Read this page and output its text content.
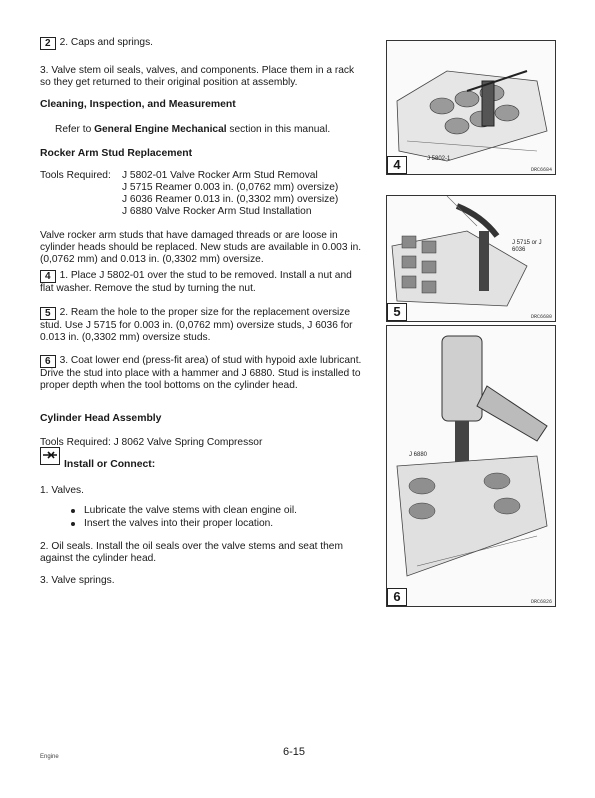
2 2. Caps and springs.

3. Valve stem oil seals, valves, and components. Place them in a rack so they get returned to their original position at assembly.

Cleaning, Inspection, and Measurement

Refer to General Engine Mechanical section in this manual.

Rocker Arm Stud Replacement

Tools Required: J 5802-01 Valve Rocker Arm Stud Removal
J 5715 Reamer 0.003 in. (0,0762 mm) oversize)
J 6036 Reamer 0.013 in. (0,3302 mm) oversize)
J 6880 Valve Rocker Arm Stud Installation

Valve rocker arm studs that have damaged threads or are loose in cylinder heads should be replaced. New studs are available in 0.003 in. (0,0762 mm) and 0.013 in. (0,3302 mm) oversize.

4 1. Place J 5802-01 over the stud to be removed. Install a nut and flat washer. Remove the stud by turning the nut.

5 2. Ream the hole to the proper size for the replacement oversize stud. Use J 5715 for 0.003 in. (0,0762 mm) oversize studs, J 6036 for 0.013 in. (0,3302 mm) oversize studs.

6 3. Coat lower end (press-fit area) of stud with hypoid axle lubricant. Drive the stud into place with a hammer and J 6880. Stud is installed to proper depth when the tool bottoms on the cylinder head.

Cylinder Head Assembly

Tools Required: J 8062 Valve Spring Compressor

Install or Connect:

1. Valves.

Lubricate the valve stems with clean engine oil.

Insert the valves into their proper location.

2. Oil seals. Install the oil seals over the valve stems and seat them against the cylinder head.

3. Valve springs.

J 5802-1
4	DRC6684
J 5715 or J 6036
5	DRC6680
J 6880
6	DRC6826
Engine	6-15
